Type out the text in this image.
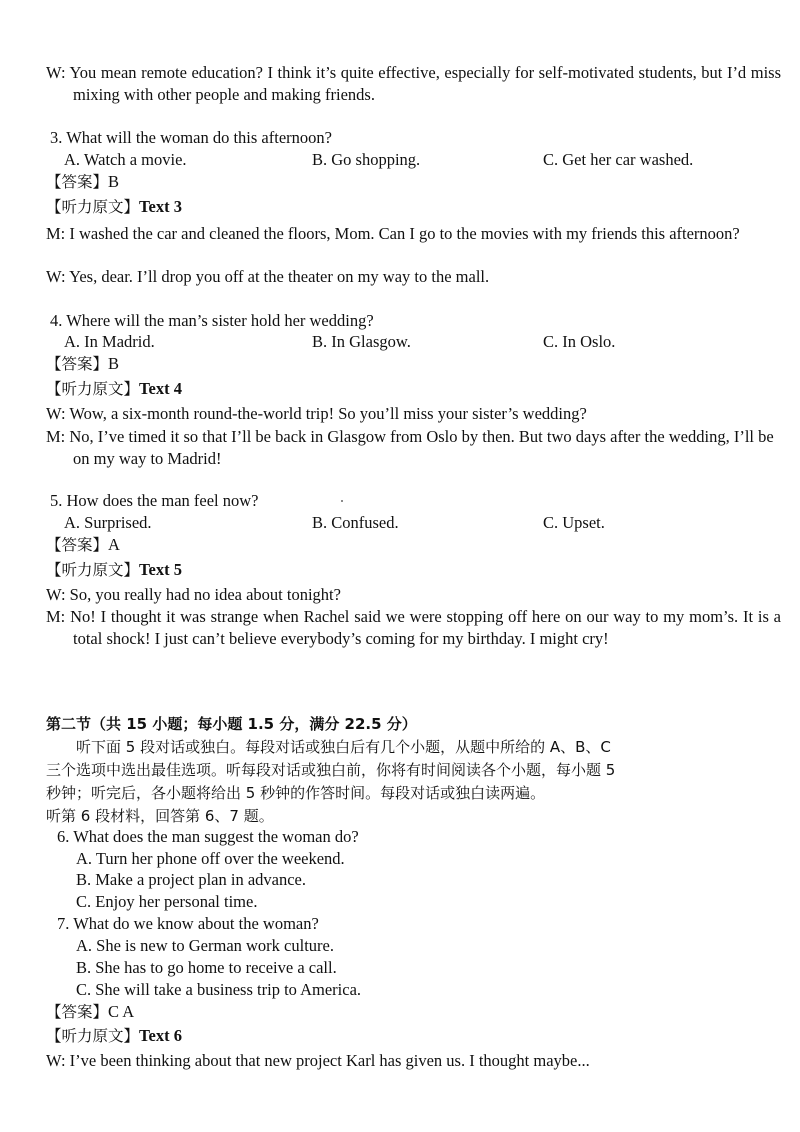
W: You mean remote education? I think it’s quite effective, especially for self-motivated students, but I’d miss mixing with other people and making friends.
3. What will the woman do this afternoon?
A. Watch a movie.	B. Go shopping.	C. Get her car washed.
【答案】B
【听力原文】Text 3
M: I washed the car and cleaned the floors, Mom. Can I go to the movies with my friends this afternoon?
W: Yes, dear. I’ll drop you off at the theater on my way to the mall.
4. Where will the man’s sister hold her wedding?
A. In Madrid.	B. In Glasgow.	C. In Oslo.
【答案】B
【听力原文】Text 4
W: Wow, a six-month round-the-world trip! So you’ll miss your sister’s wedding?
M: No, I’ve timed it so that I’ll be back in Glasgow from Oslo by then. But two days after the wedding, I’ll be on my way to Madrid!
5. How does the man feel now?
A. Surprised.	B. Confused.	C. Upset.
【答案】A
【听力原文】Text 5
W: So, you really had no idea about tonight?
M: No! I thought it was strange when Rachel said we were stopping off here on our way to my mom’s. It is a total shock! I just can’t believe everybody’s coming for my birthday. I might cry!
第二节（共 15 小题；每小题 1.5 分，满分 22.5 分）
听下面 5 段对话或独白。每段对话或独白后有几个小题，从题中所给的 A、B、C
三个选项中选出最佳选项。听每段对话或独白前，你将有时间阅读各个小题，每小题 5
秒钟；听完后，各小题将给出 5 秒钟的作答时间。每段对话或独白读两遍。
听第 6 段材料，回答第 6、7 题。
6. What does the man suggest the woman do?
A. Turn her phone off over the weekend.
B. Make a project plan in advance.
C. Enjoy her personal time.
7. What do we know about the woman?
A. She is new to German work culture.
B. She has to go home to receive a call.
C. She will take a business trip to America.
【答案】C A
【听力原文】Text 6
W: I’ve been thinking about that new project Karl has given us. I thought maybe...
